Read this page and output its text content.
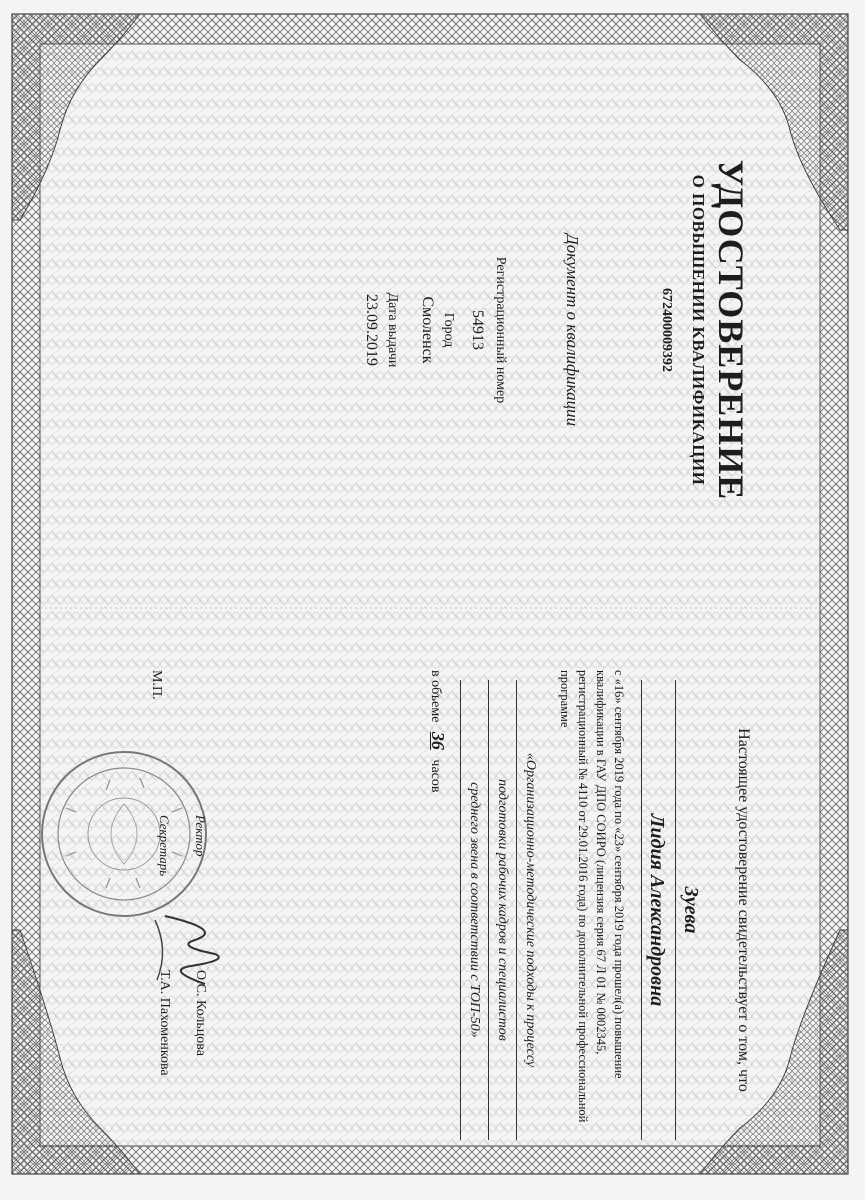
УДОСТОВЕРЕНИЕ
О ПОВЫШЕНИИ КВАЛИФИКАЦИИ
672400009392
Документ о квалификации
Регистрационный номер
54913
Город
Смоленск
Дата выдачи
23.09.2019
Настоящее удостоверение свидетельствует о том, что
Зуева
Лидия Александровна
с «16» сентября 2019 года по «23» сентября 2019 года прошел(а) повышение квалификации в ГАУ ДПО СОИРО (лицензия серия 67 Л 01 № 0002345, регистрационный № 4110 от 29.01.2016 года) по дополнительной профессиональной программе
«Организационно-методические подходы к процессу
подготовки рабочих кадров и специалистов
среднего звена в соответствии с ТОП-50»
в объеме 36 часов
М.П.
Ректор
О.С. Кольцова
Секретарь
Т.А. Пахоменкова
